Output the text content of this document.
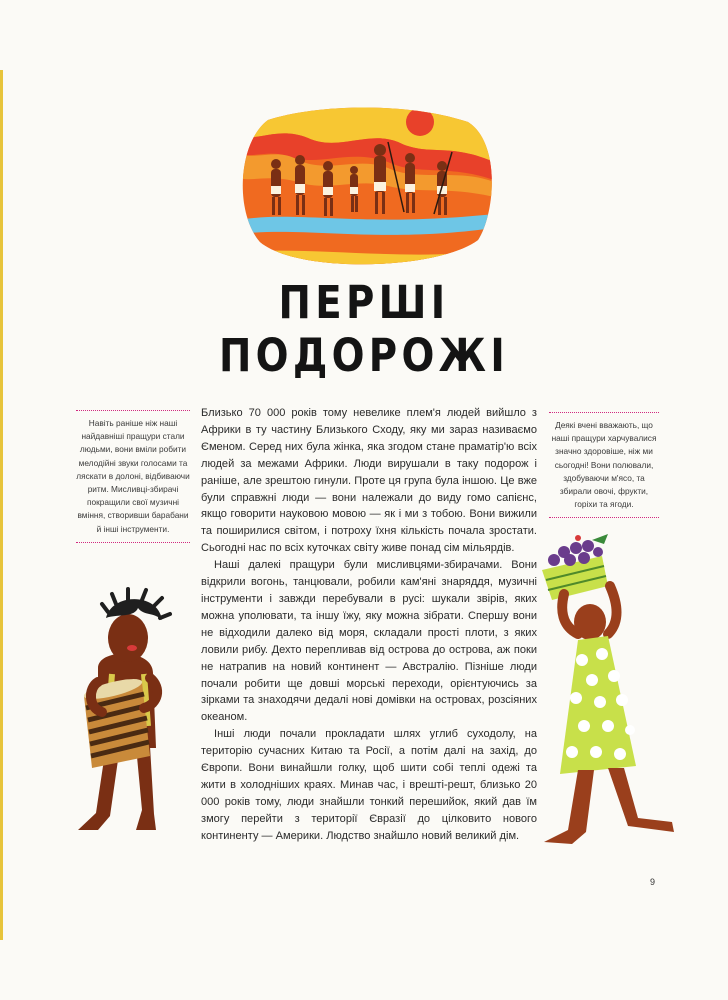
ПЕРШІ
ПОДОРОЖІ
Навіть раніше ніж наші найдавніші пращури стали людьми, вони вміли робити мелодійні звуки голосами та ляскати в долоні, відбиваючи ритм. Мисливці-збирачі покращили свої музичні вміння, створивши барабани й інші інструменти.

Близько 70 000 років тому невелике плем'я людей вийшло з Африки в ту частину Близького Сходу, яку ми зараз називаємо Єменом. Серед них була жінка, яка згодом стане праматір'ю всіх людей за межами Африки. Люди вирушали в таку подорож і раніше, але зрештою гинули. Проте ця група була іншою. Це вже були справжні люди — вони належали до виду гомо сапієнс, якщо говорити науковою мовою — як і ми з тобою. Вони вижили та поширилися світом, і потроху їхня кількість почала зростати. Сьогодні нас по всіх куточках світу живе понад сім мільярдів.

Наші далекі пращури були мисливцями-збирачами. Вони відкрили вогонь, танцювали, робили кам'яні знаряддя, музичні інструменти і завжди перебували в русі: шукали звірів, яких можна уполювати, та іншу їжу, яку можна зібрати. Спершу вони не відходили далеко від моря, складали прості плоти, з яких ловили рибу. Дехто перепливав від острова до острова, аж поки не натрапив на новий континент — Австралію. Пізніше люди почали робити ще довші морські переходи, орієнтуючись за зірками та знаходячи дедалі нові домівки на островах, розсіяних океаном.

Інші люди почали прокладати шлях углиб суходолу, на територію сучасних Китаю та Росії, а потім далі на захід, до Європи. Вони винайшли голку, щоб шити собі теплі одежі та жити в холодніших краях. Минав час, і врешті-решт, близько 20 000 років тому, люди знайшли тонкий перешийок, який дав їм змогу перейти з території Євразії до цілковито нового континенту — Америки. Людство знайшло новий великий дім.

Деякі вчені вважають, що наші пращури харчувалися значно здоровіше, ніж ми сьогодні! Вони полювали, здобуваючи м'ясо, та збирали овочі, фрукти, горіхи та ягоди.
9
